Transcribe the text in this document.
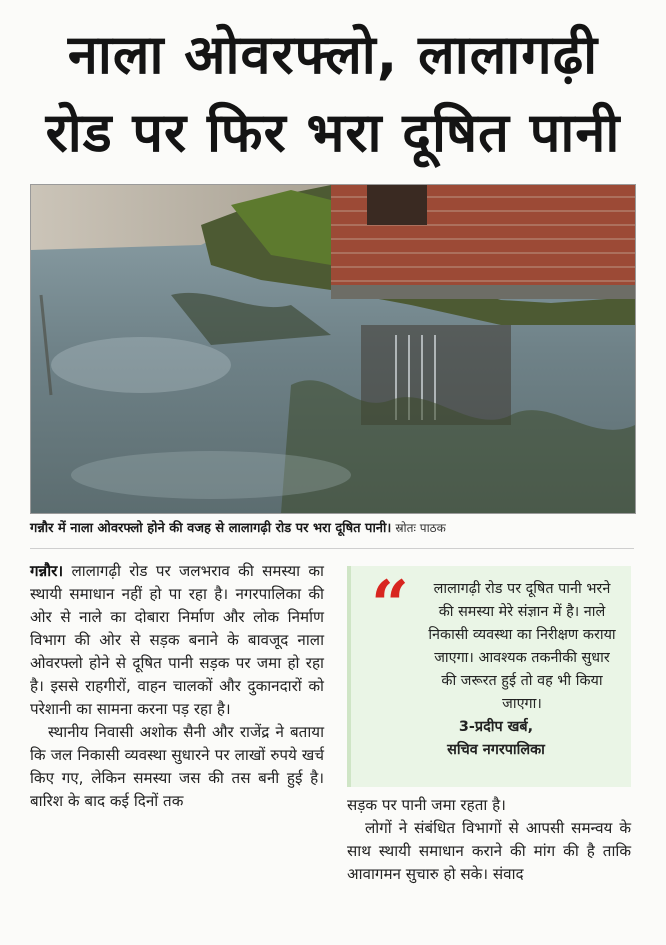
नाला ओवरफ्लो, लालागढ़ी
रोड पर फिर भरा दूषित पानी
गन्नौर में नाला ओवरफ्लो होने की वजह से लालागढ़ी रोड पर भरा दूषित पानी। स्रोतः पाठक

गन्नौर। लालागढ़ी रोड पर जलभराव की समस्या का स्थायी समाधान नहीं हो पा रहा है। नगरपालिका की ओर से नाले का दोबारा निर्माण और लोक निर्माण विभाग की ओर से सड़क बनाने के बावजूद नाला ओवरफ्लो होने से दूषित पानी सड़क पर जमा हो रहा है। इससे राहगीरों, वाहन चालकों और दुकानदारों को परेशानी का सामना करना पड़ रहा है।

स्थानीय निवासी अशोक सैनी और राजेंद्र ने बताया कि जल निकासी व्यवस्था सुधारने पर लाखों रुपये खर्च किए गए, लेकिन समस्या जस की तस बनी हुई है। बारिश के बाद कई दिनों तक

“	लालागढ़ी रोड पर दूषित पानी भरने की समस्या मेरे संज्ञान में है। नाले निकासी व्यवस्था का निरीक्षण कराया जाएगा। आवश्यक तकनीकी सुधार की जरूरत हुई तो वह भी किया जाएगा।
3-प्रदीप खर्ब,
सचिव नगरपालिका

सड़क पर पानी जमा रहता है।

लोगों ने संबंधित विभागों से आपसी समन्वय के साथ स्थायी समाधान कराने की मांग की है ताकि आवागमन सुचारु हो सके। संवाद
